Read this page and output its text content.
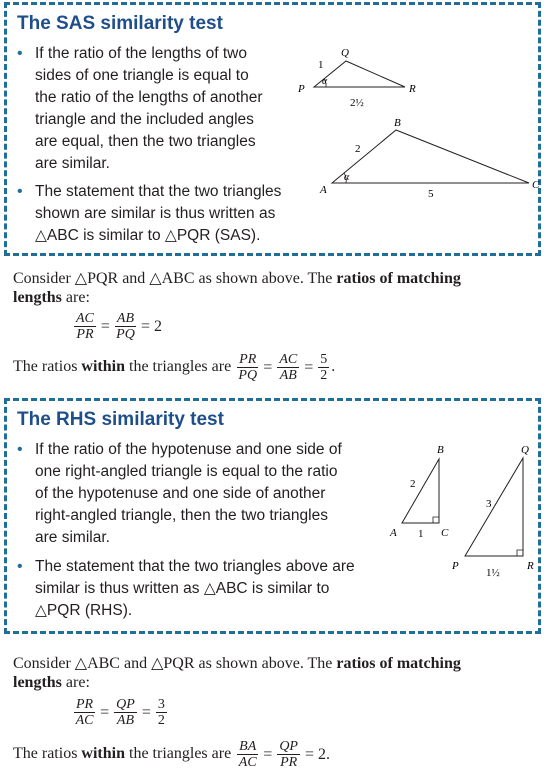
The SAS similarity test
• If the ratio of the lengths of two
sides of one triangle is equal to
the ratio of the lengths of another
triangle and the included angles
are equal, then the two triangles
are similar.
• The statement that the two triangles
shown are similar is thus written as
△ABC is similar to △PQR (SAS).
α
P
Q
R
1
2½
α
A
B
C
2
5
Consider △PQR and △ABC as shown above. The ratios of matching
lengths are:
$\frac{AC}{PR} = \frac{AB}{PQ} = 2$
The ratios within the triangles are $\frac{PR}{PQ} = \frac{AC}{AB} = \frac{5}{2}$ .
The RHS similarity test
• If the ratio of the hypotenuse and one side of
one right-angled triangle is equal to the ratio
of the hypotenuse and one side of another
right-angled triangle, then the two triangles
are similar.
• The statement that the two triangles above are
similar is thus written as △ABC is similar to
△PQR (RHS).
A
B
C
2
1
P
Q
R
3
1½
Consider △ABC and △PQR as shown above. The ratios of matching
lengths are:
$\frac{PR}{AC} = \frac{QP}{AB} = \frac{3}{2}$
The ratios within the triangles are $\frac{BA}{AC} = \frac{QP}{PR} = 2$.
